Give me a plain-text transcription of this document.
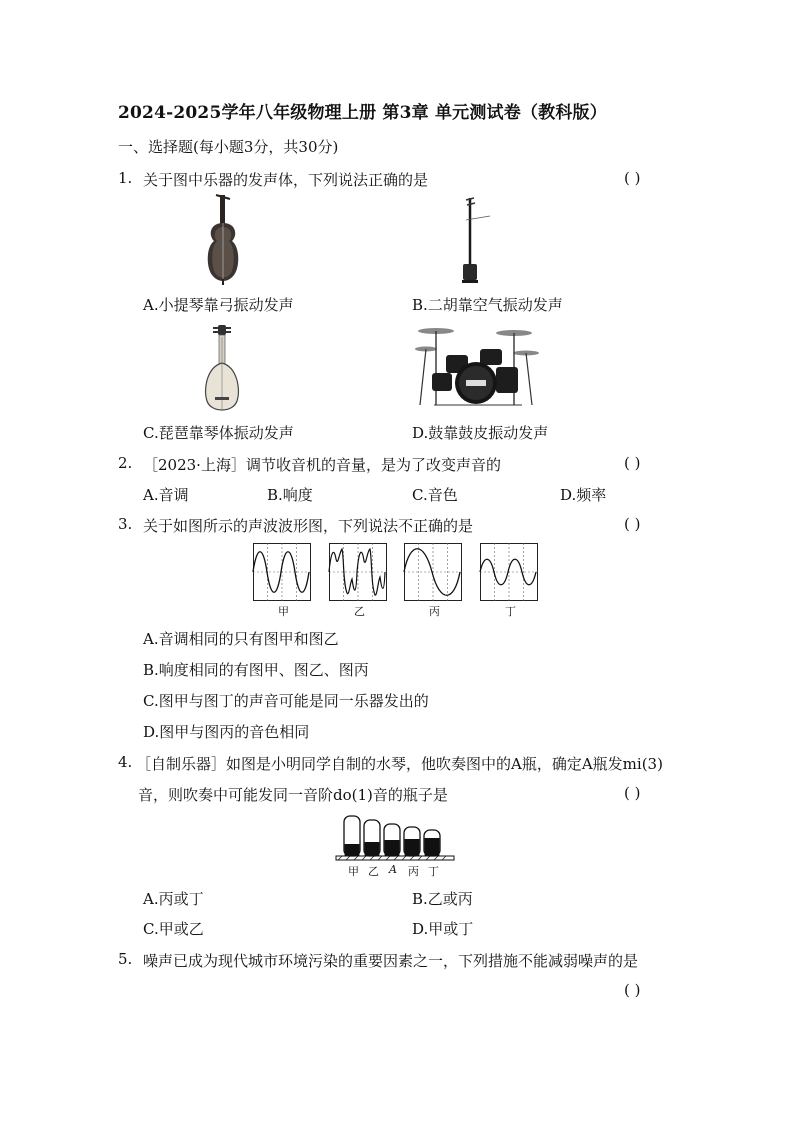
2024-2025学年八年级物理上册 第3章 单元测试卷（教科版）
一、选择题(每小题3分，共30分)
1. 关于图中乐器的发声体，下列说法正确的是	( )
A.小提琴靠弓振动发声	B.二胡靠空气振动发声
C.琵琶靠琴体振动发声	D.鼓靠鼓皮振动发声
2. ［2023·上海］调节收音机的音量，是为了改变声音的	( )
A.音调	B.响度	C.音色	D.频率
3. 关于如图所示的声波波形图，下列说法不正确的是	( )
甲	乙	丙	丁
A.音调相同的只有图甲和图乙
B.响度相同的有图甲、图乙、图丙
C.图甲与图丁的声音可能是同一乐器发出的
D.图甲与图丙的音色相同
4. ［自制乐器］如图是小明同学自制的水琴，他吹奏图中的A瓶，确定A瓶发mi(3)
音，则吹奏中可能发同一音阶do(1)音的瓶子是	( )
甲 乙 A 丙 丁
A.丙或丁	B.乙或丙
C.甲或乙	D.甲或丁
5. 噪声已成为现代城市环境污染的重要因素之一，下列措施不能减弱噪声的是
( )
